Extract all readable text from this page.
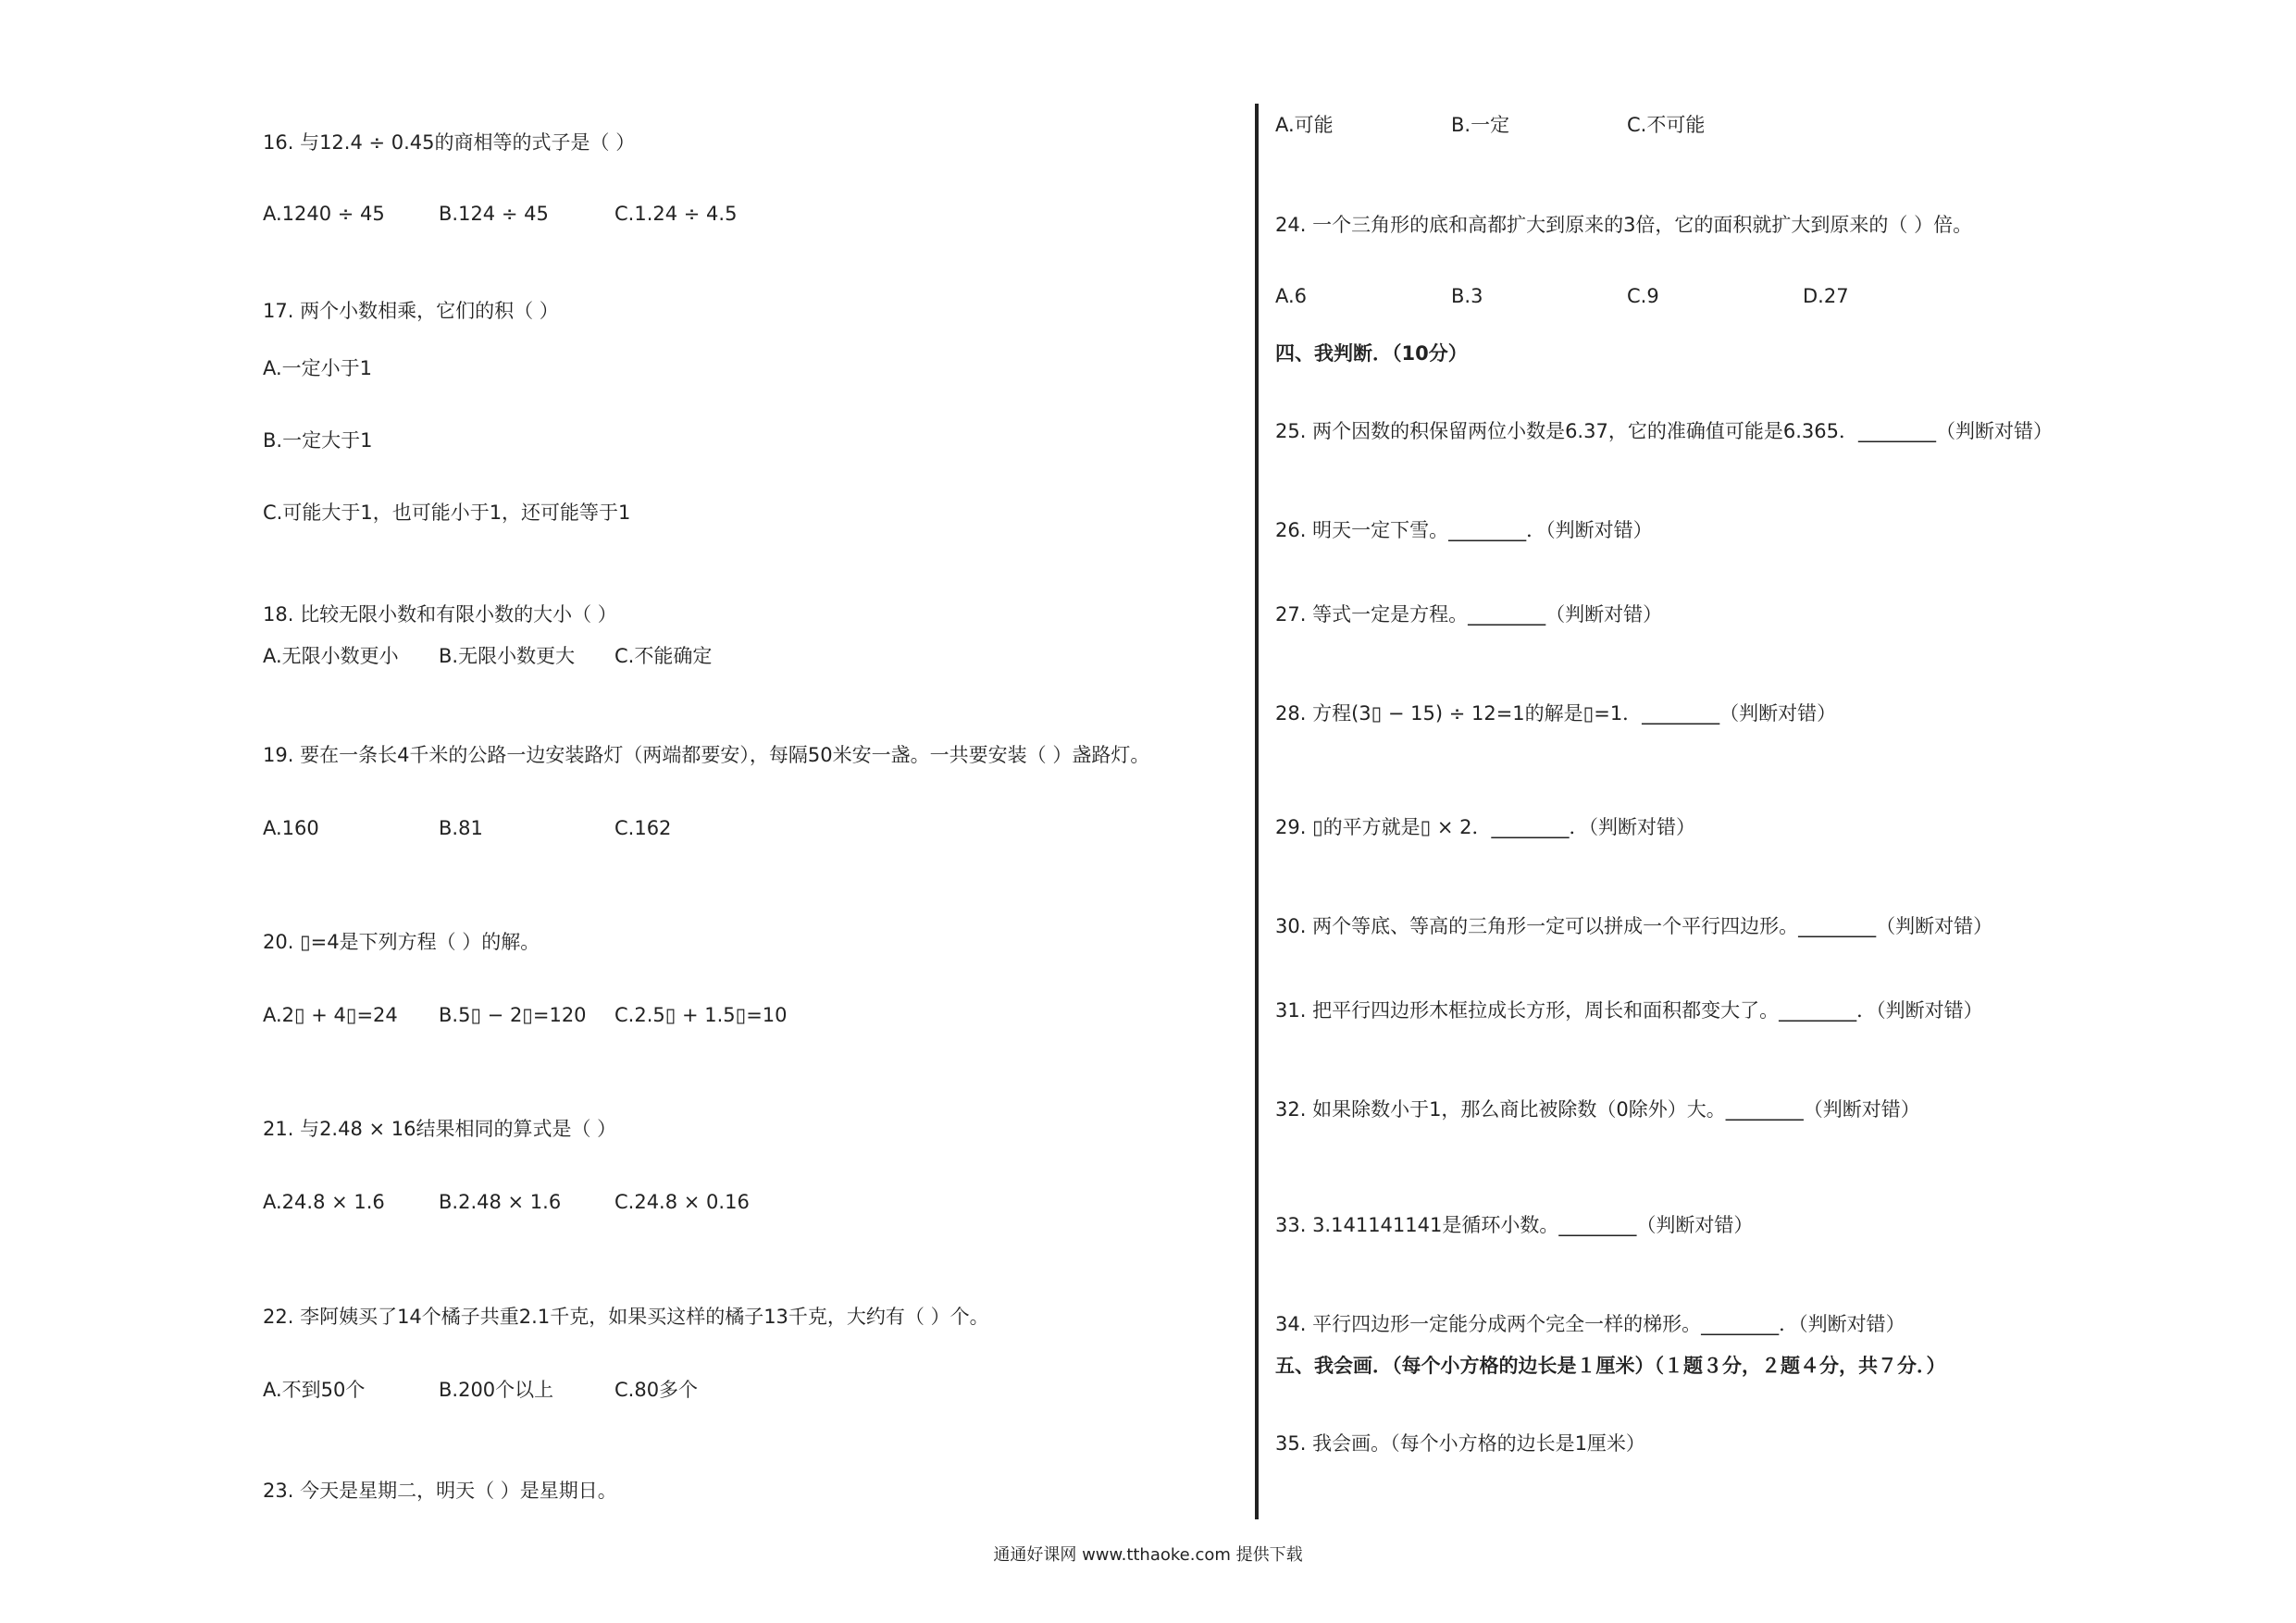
16. 与12.4 ÷ 0.45的商相等的式子是（ ）
A.1240 ÷ 45	B.124 ÷ 45	C.1.24 ÷ 4.5
17. 两个小数相乘，它们的积（ ）
A.一定小于1
B.一定大于1
C.可能大于1，也可能小于1，还可能等于1
18. 比较无限小数和有限小数的大小（ ）
A.无限小数更小 B.无限小数更大 C.不能确定
19. 要在一条长4千米的公路一边安装路灯（两端都要安），每隔50米安一盏。一共要安装（ ）盏路灯。
A.160	B.81	C.162
20. ▯=4是下列方程（ ）的解。
A.2▯ + 4▯=24 B.5▯ − 2▯=120 C.2.5▯ + 1.5▯=10
21. 与2.48 × 16结果相同的算式是（ ）
A.24.8 × 1.6	B.2.48 × 1.6	C.24.8 × 0.16
22. 李阿姨买了14个橘子共重2.1千克，如果买这样的橘子13千克，大约有（ ）个。
A.不到50个	B.200个以上	C.80多个
23. 今天是星期二，明天（ ）是星期日。
A.可能	B.一定	C.不可能
24. 一个三角形的底和高都扩大到原来的3倍，它的面积就扩大到原来的（ ）倍。
A.6	B.3	C.9	D.27
四、我判断．（10分）
25. 两个因数的积保留两位小数是6.37，它的准确值可能是6.365．________（判断对错）
26. 明天一定下雪。________．（判断对错）
27. 等式一定是方程。________（判断对错）
28. 方程(3▯ − 15) ÷ 12=1的解是▯=1．________（判断对错）
29. ▯的平方就是▯ × 2．________．（判断对错）
30. 两个等底、等高的三角形一定可以拼成一个平行四边形。________（判断对错）
31. 把平行四边形木框拉成长方形，周长和面积都变大了。________．（判断对错）
32. 如果除数小于1，那么商比被除数（0除外）大。________（判断对错）
33. 3.141141141是循环小数。________（判断对错）
34. 平行四边形一定能分成两个完全一样的梯形。________．（判断对错）
五、我会画．（每个小方格的边长是１厘米）（１题３分，２题４分，共７分．）
35. 我会画。（每个小方格的边长是1厘米）
通通好课网 www.tthaoke.com 提供下载
